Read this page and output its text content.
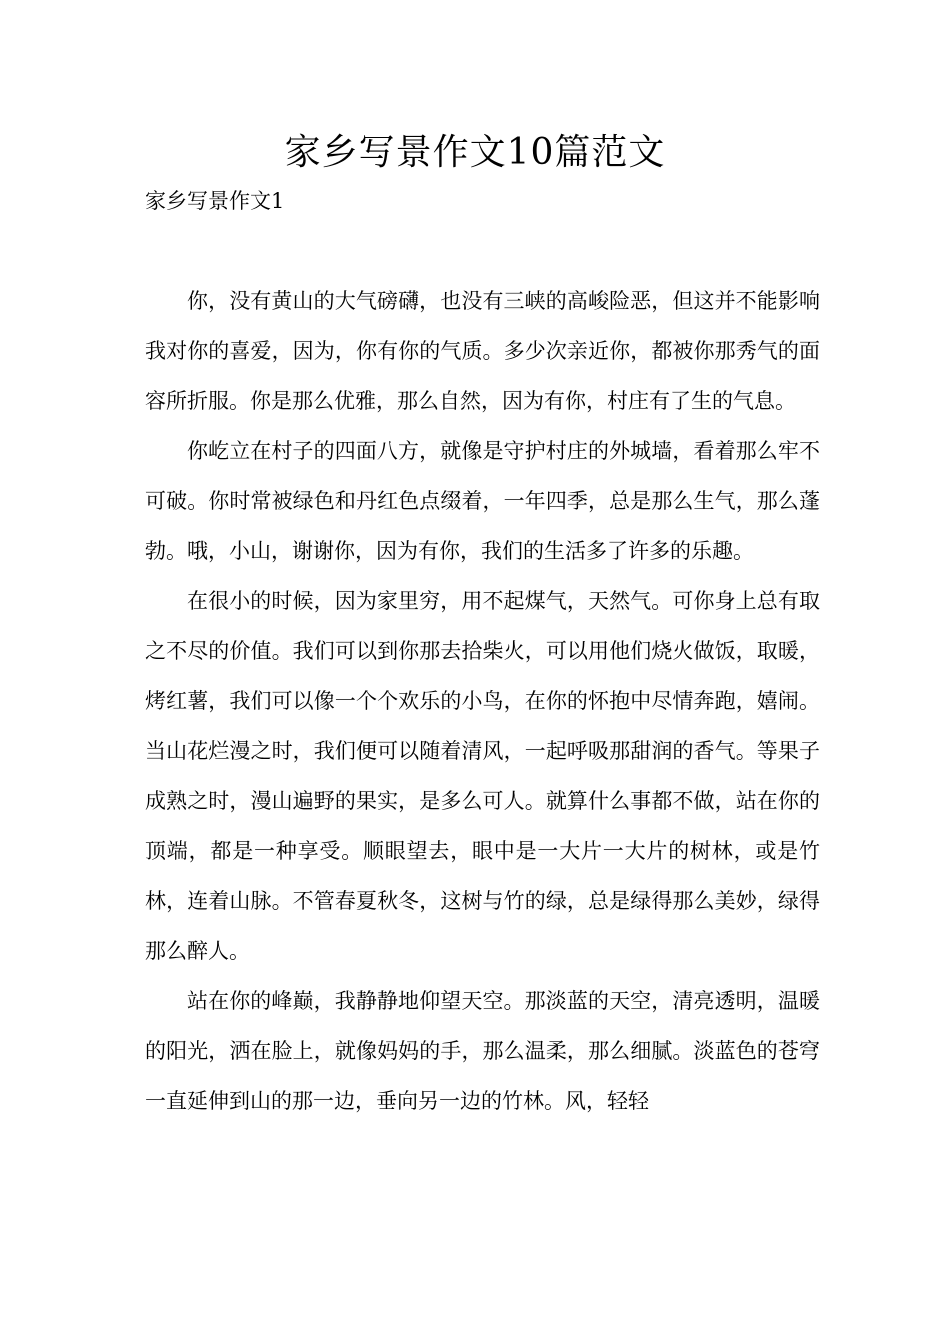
家乡写景作文10篇范文
家乡写景作文1

你，没有黄山的大气磅礴，也没有三峡的高峻险恶，但这并不能影响我对你的喜爱，因为，你有你的气质。多少次亲近你，都被你那秀气的面容所折服。你是那么优雅，那么自然，因为有你，村庄有了生的气息。

你屹立在村子的四面八方，就像是守护村庄的外城墙，看着那么牢不可破。你时常被绿色和丹红色点缀着，一年四季，总是那么生气，那么蓬勃。哦，小山，谢谢你，因为有你，我们的生活多了许多的乐趣。

在很小的时候，因为家里穷，用不起煤气，天然气。可你身上总有取之不尽的价值。我们可以到你那去拾柴火，可以用他们烧火做饭，取暖，烤红薯，我们可以像一个个欢乐的小鸟，在你的怀抱中尽情奔跑，嬉闹。当山花烂漫之时，我们便可以随着清风，一起呼吸那甜润的香气。等果子成熟之时，漫山遍野的果实，是多么可人。就算什么事都不做，站在你的顶端，都是一种享受。顺眼望去，眼中是一大片一大片的树林，或是竹林，连着山脉。不管春夏秋冬，这树与竹的绿，总是绿得那么美妙，绿得那么醉人。

站在你的峰巅，我静静地仰望天空。那淡蓝的天空，清亮透明，温暖的阳光，洒在脸上，就像妈妈的手，那么温柔，那么细腻。淡蓝色的苍穹一直延伸到山的那一边，垂向另一边的竹林。风，轻轻
